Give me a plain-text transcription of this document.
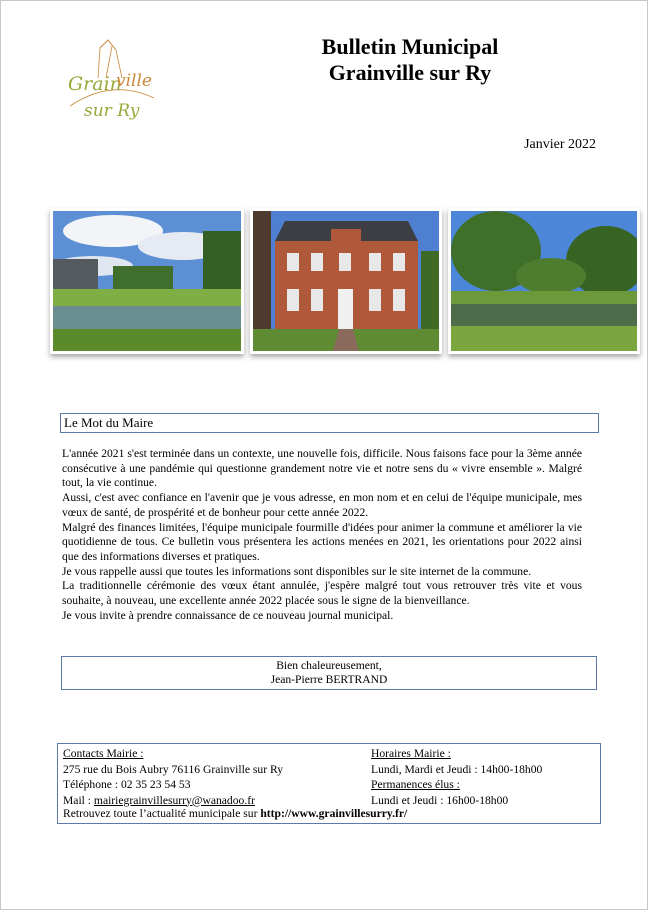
Grain
ville
sur Ry
Bulletin Municipal
Grainville sur Ry
Janvier 2022
Le Mot du Maire

L'année 2021 s'est terminée dans un contexte, une nouvelle fois, difficile. Nous faisons face pour la 3ème année consécutive à une pandémie qui questionne grandement notre vie et notre sens du « vivre ensemble ». Malgré tout, la vie continue.

Aussi, c'est avec confiance en l'avenir que je vous adresse, en mon nom et en celui de l'équipe municipale, mes vœux de santé, de prospérité et de bonheur pour cette année 2022.

Malgré des finances limitées, l'équipe municipale fourmille d'idées pour animer la commune et améliorer la vie quotidienne de tous. Ce bulletin vous présentera les actions menées en 2021, les orientations pour 2022 ainsi que des informations diverses et pratiques.

Je vous rappelle aussi que toutes les informations sont disponibles sur le site internet de la commune.

La traditionnelle cérémonie des vœux étant annulée, j'espère malgré tout vous retrouver très vite et vous souhaite, à nouveau, une excellente année 2022 placée sous le signe de la bienveillance.

Je vous invite à prendre connaissance de ce nouveau journal municipal.

Bien chaleureusement,
Jean-Pierre BERTRAND
Contacts Mairie :
275 rue du Bois Aubry 76116 Grainville sur Ry
Téléphone : 02 35 23 54 53
Mail : mairiegrainvillesurry@wanadoo.fr
Horaires Mairie :
Lundi, Mardi et Jeudi : 14h00-18h00
Permanences élus :
Lundi et Jeudi : 16h00-18h00
Retrouvez toute l’actualité municipale sur http://www.grainvillesurry.fr/
